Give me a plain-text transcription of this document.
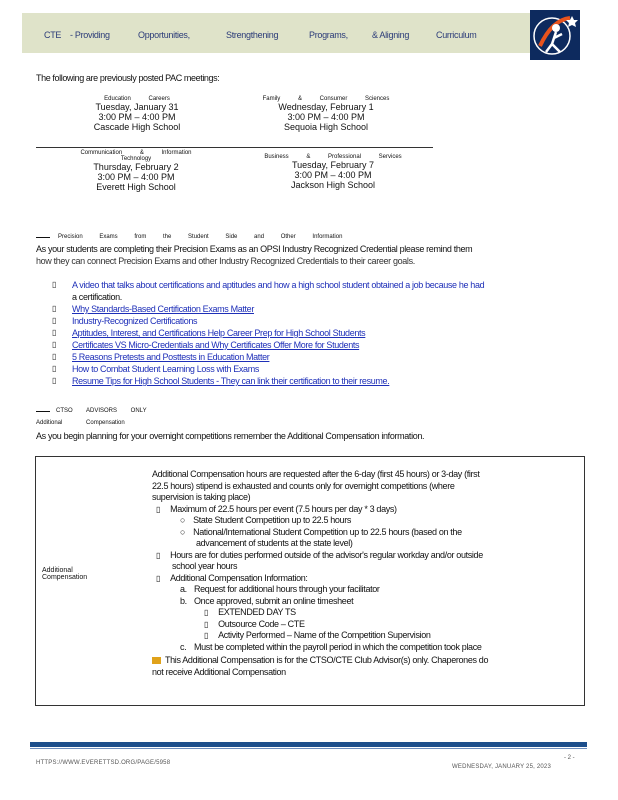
CTE - Providing	Opportunities,	Strengthening	Programs,	& Aligning	Curriculum
The following are previously posted PAC meetings:
Education Careers
Tuesday, January 31
3:00 PM – 4:00 PM
Cascade High School
Family & Consumer Sciences
Wednesday, February 1
3:00 PM – 4:00 PM
Sequoia High School
Communication & Information
Technology
Thursday, February 2
3:00 PM – 4:00 PM
Everett High School
Business & Professional Services
Tuesday, February 7
3:00 PM – 4:00 PM
Jackson High School
Precision Exams from the Student Side and Other Information
As your students are completing their Precision Exams as an OPSI Industry Recognized Credential please remind them
how they can connect Precision Exams and other Industry Recognized Credentials to their career goals.
▯ A video that talks about certifications and aptitudes and how a high school student obtained a job because he had
a certification.
▯ Why Standards-Based Certification Exams Matter
▯ Industry-Recognized Certifications
▯ Aptitudes, Interest, and Certifications Help Career Prep for High School Students
▯ Certificates VS Micro-Credentials and Why Certificates Offer More for Students
▯ 5 Reasons Pretests and Posttests in Education Matter
▯ How to Combat Student Learning Loss with Exams
▯ Resume Tips for High School Students - They can link their certification to their resume.
CTSO ADVISORS ONLY
Additional Compensation
As you begin planning for your overnight competitions remember the Additional Compensation information.
Additional
Compensation
Additional Compensation hours are requested after the 6-day (first 45 hours) or 3-day (first
22.5 hours) stipend is exhausted and counts only for overnight competitions (where
supervision is taking place)
▯ Maximum of 22.5 hours per event (7.5 hours per day * 3 days)
○ State Student Competition up to 22.5 hours
○ National/International Student Competition up to 22.5 hours (based on the
advancement of students at the state level)
▯ Hours are for duties performed outside of the advisor's regular workday and/or outside
school year hours
▯ Additional Compensation Information:
a. Request for additional hours through your facilitator
b. Once approved, submit an online timesheet
▯ EXTENDED DAY TS
▯ Outsource Code – CTE
▯ Activity Performed – Name of the Competition Supervision
c. Must be completed within the payroll period in which the competition took place
This Additional Compensation is for the CTSO/CTE Club Advisor(s) only. Chaperones do
not receive Additional Compensation
HTTPS://WWW.EVERETTSD.ORG/PAGE/5958
- 2 -
WEDNESDAY, JANUARY 25, 2023
